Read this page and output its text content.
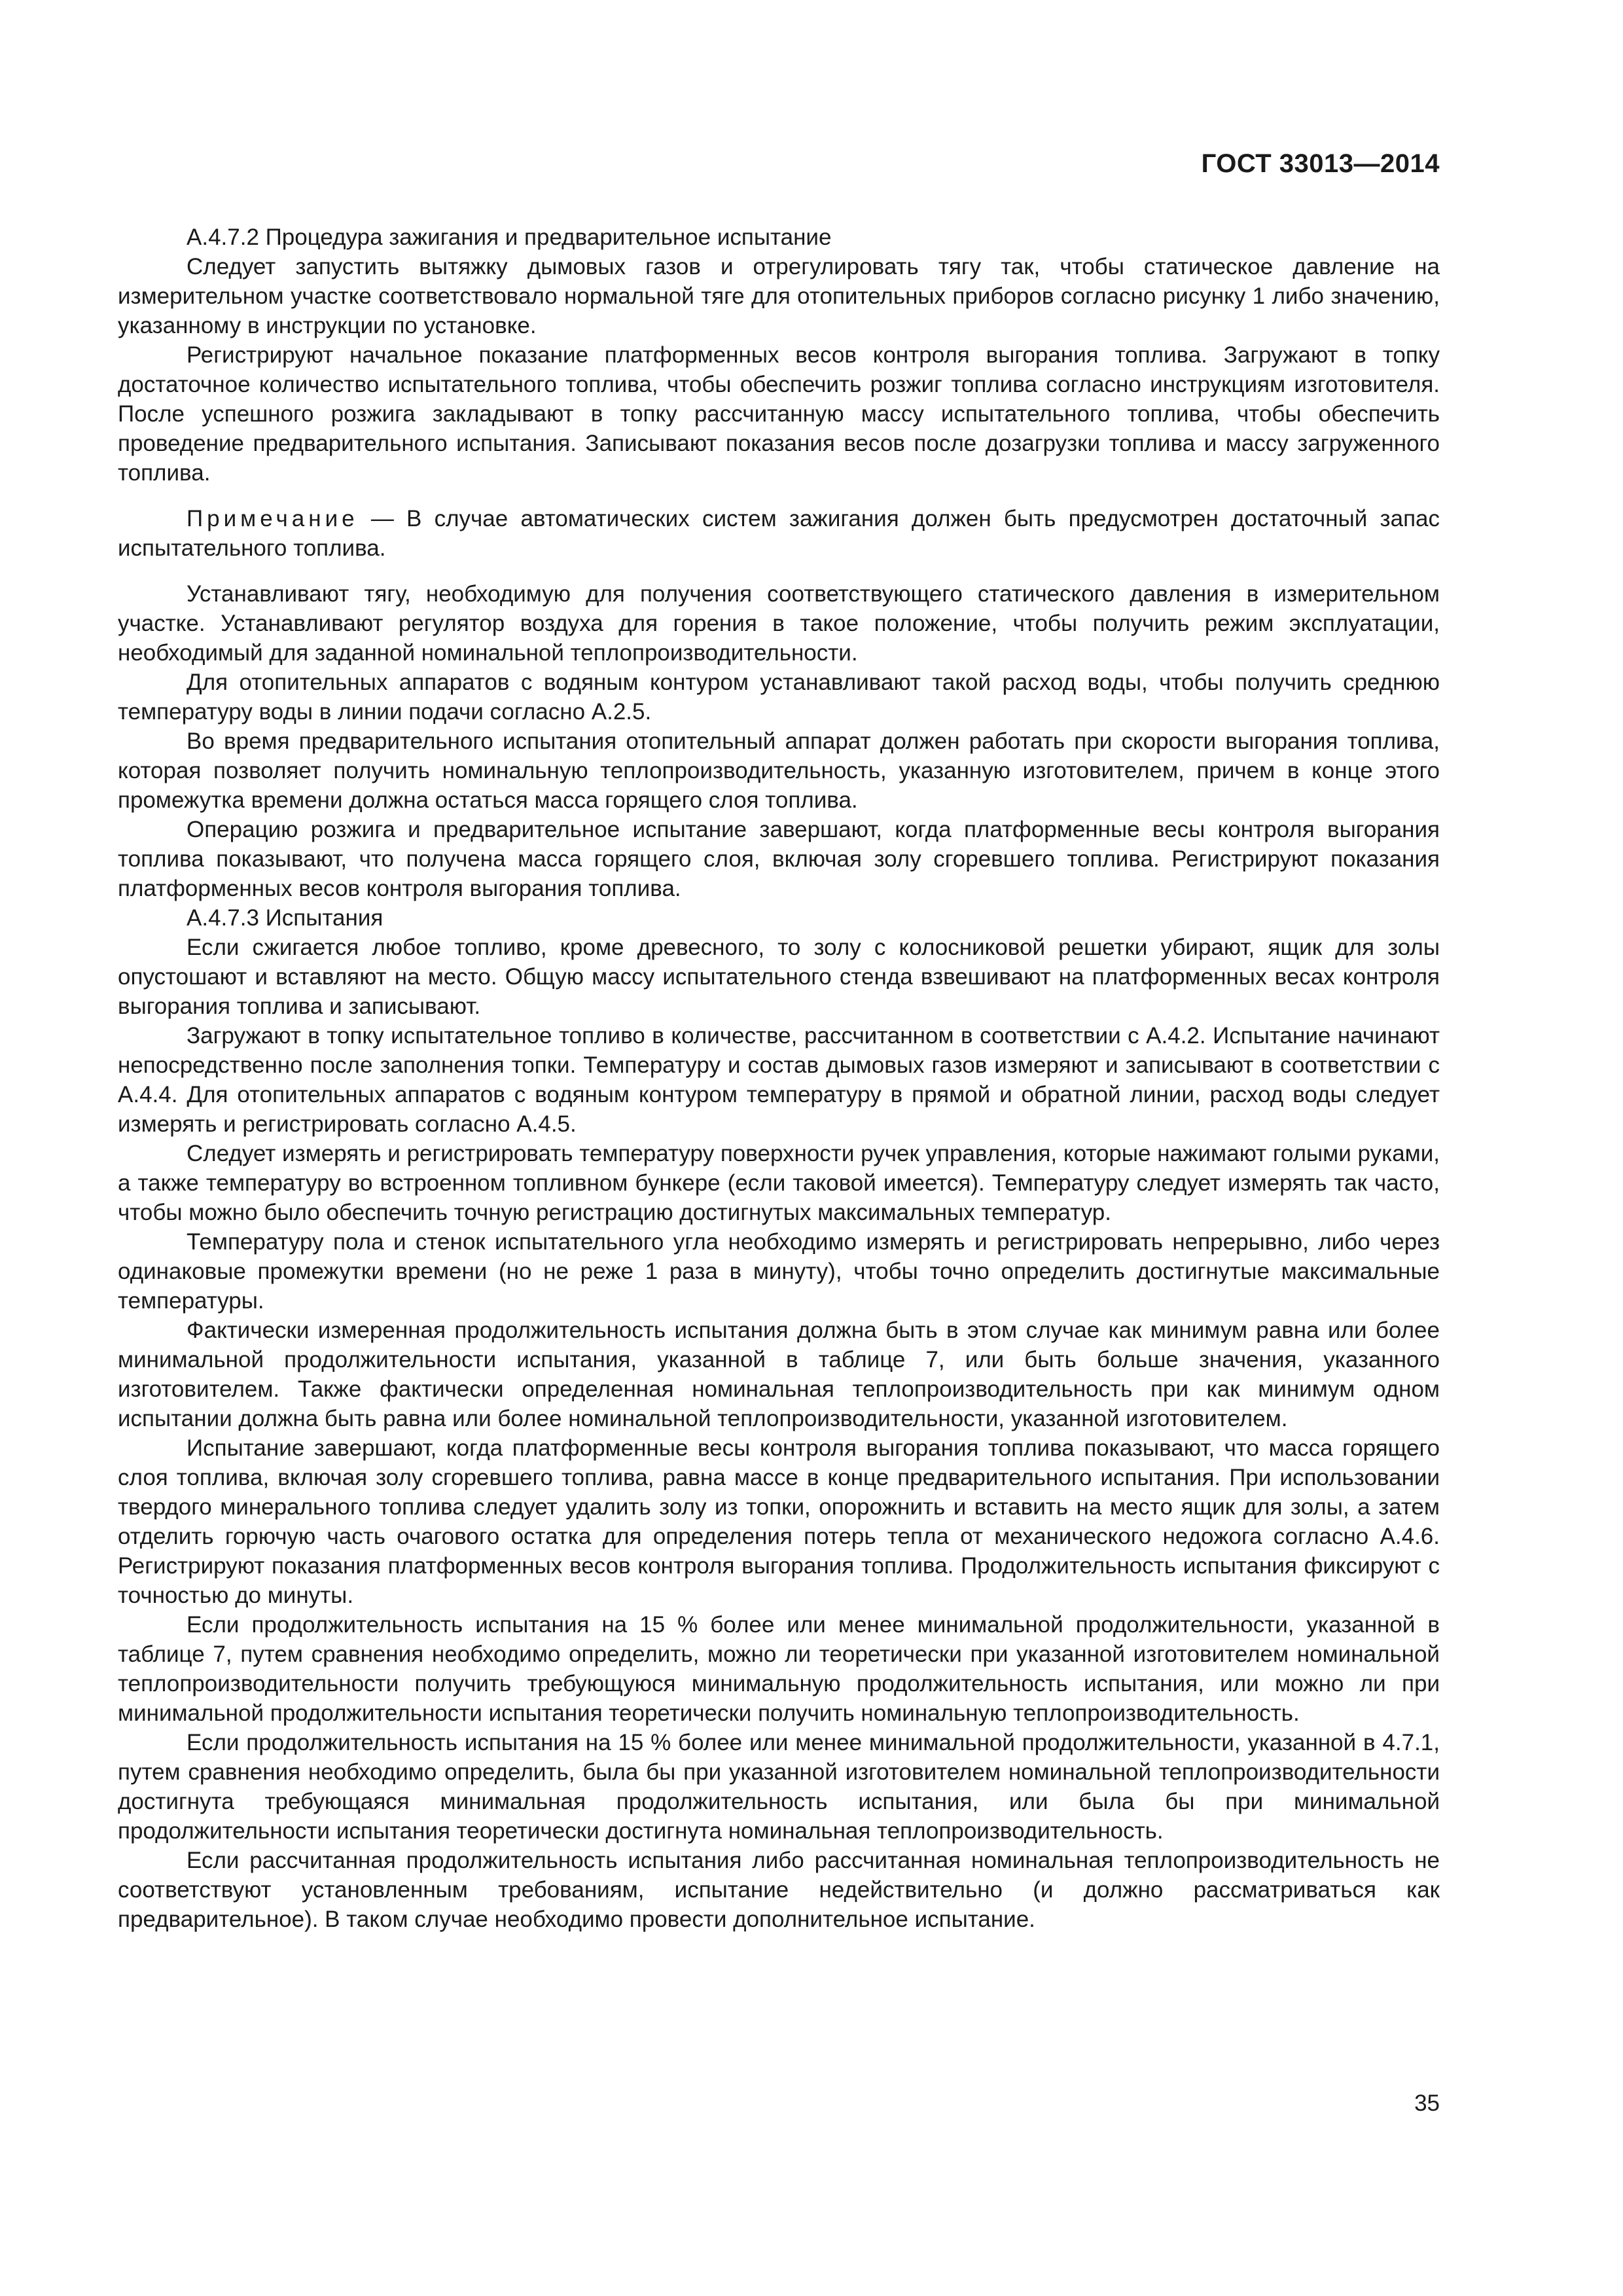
ГОСТ 33013—2014

А.4.7.2 Процедура зажигания и предварительное испытание

Следует запустить вытяжку дымовых газов и отрегулировать тягу так, чтобы статическое давление на измерительном участке соответствовало нормальной тяге для отопительных приборов согласно рисунку 1 либо значению, указанному в инструкции по установке.

Регистрируют начальное показание платформенных весов контроля выгорания топлива. Загружают в топку достаточное количество испытательного топлива, чтобы обеспечить розжиг топлива согласно инструкциям изготовителя. После успешного розжига закладывают в топку рассчитанную массу испытательного топлива, чтобы обеспечить проведение предварительного испытания. Записывают показания весов после дозагрузки топлива и массу загруженного топлива.

Примечание — В случае автоматических систем зажигания должен быть предусмотрен достаточный запас испытательного топлива.

Устанавливают тягу, необходимую для получения соответствующего статического давления в измерительном участке. Устанавливают регулятор воздуха для горения в такое положение, чтобы получить режим эксплуатации, необходимый для заданной номинальной теплопроизводительности.

Для отопительных аппаратов с водяным контуром устанавливают такой расход воды, чтобы получить среднюю температуру воды в линии подачи согласно А.2.5.

Во время предварительного испытания отопительный аппарат должен работать при скорости выгорания топлива, которая позволяет получить номинальную теплопроизводительность, указанную изготовителем, причем в конце этого промежутка времени должна остаться масса горящего слоя топлива.

Операцию розжига и предварительное испытание завершают, когда платформенные весы контроля выгорания топлива показывают, что получена масса горящего слоя, включая золу сгоревшего топлива. Регистрируют показания платформенных весов контроля выгорания топлива.

А.4.7.3 Испытания

Если сжигается любое топливо, кроме древесного, то золу с колосниковой решетки убирают, ящик для золы опустошают и вставляют на место. Общую массу испытательного стенда взвешивают на платформенных весах контроля выгорания топлива и записывают.

Загружают в топку испытательное топливо в количестве, рассчитанном в соответствии с А.4.2. Испытание начинают непосредственно после заполнения топки. Температуру и состав дымовых газов измеряют и записывают в соответствии с А.4.4. Для отопительных аппаратов с водяным контуром температуру в прямой и обратной линии, расход воды следует измерять и регистрировать согласно А.4.5.

Следует измерять и регистрировать температуру поверхности ручек управления, которые нажимают голыми руками, а также температуру во встроенном топливном бункере (если таковой имеется). Температуру следует измерять так часто, чтобы можно было обеспечить точную регистрацию достигнутых максимальных температур.

Температуру пола и стенок испытательного угла необходимо измерять и регистрировать непрерывно, либо через одинаковые промежутки времени (но не реже 1 раза в минуту), чтобы точно определить достигнутые максимальные температуры.

Фактически измеренная продолжительность испытания должна быть в этом случае как минимум равна или более минимальной продолжительности испытания, указанной в таблице 7, или быть больше значения, указанного изготовителем. Также фактически определенная номинальная теплопроизводительность при как минимум одном испытании должна быть равна или более номинальной теплопроизводительности, указанной изготовителем.

Испытание завершают, когда платформенные весы контроля выгорания топлива показывают, что масса горящего слоя топлива, включая золу сгоревшего топлива, равна массе в конце предварительного испытания. При использовании твердого минерального топлива следует удалить золу из топки, опорожнить и вставить на место ящик для золы, а затем отделить горючую часть очагового остатка для определения потерь тепла от механического недожога согласно А.4.6. Регистрируют показания платформенных весов контроля выгорания топлива. Продолжительность испытания фиксируют с точностью до минуты.

Если продолжительность испытания на 15 % более или менее минимальной продолжительности, указанной в таблице 7, путем сравнения необходимо определить, можно ли теоретически при указанной изготовителем номинальной теплопроизводительности получить требующуюся минимальную продолжительность испытания, или можно ли при минимальной продолжительности испытания теоретически получить номинальную теплопроизводительность.

Если продолжительность испытания на 15 % более или менее минимальной продолжительности, указанной в 4.7.1, путем сравнения необходимо определить, была бы при указанной изготовителем номинальной теплопроизводительности достигнута требующаяся минимальная продолжительность испытания, или была бы при минимальной продолжительности испытания теоретически достигнута номинальная теплопроизводительность.

Если рассчитанная продолжительность испытания либо рассчитанная номинальная теплопроизводительность не соответствуют установленным требованиям, испытание недействительно (и должно рассматриваться как предварительное). В таком случае необходимо провести дополнительное испытание.

35
